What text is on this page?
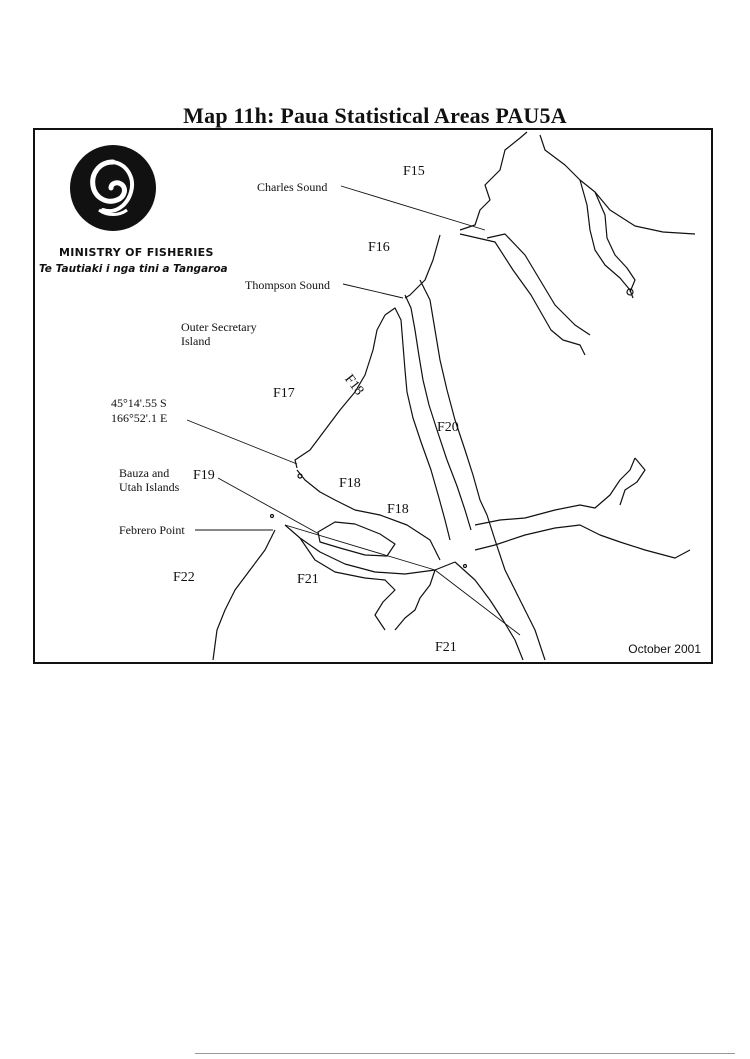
Map 11h: Paua Statistical Areas PAU5A
MINISTRY OF FISHERIES
Te Tautiaki i nga tini a Tangaroa
Charles Sound
Thompson Sound
Outer Secretary
Island
45°14'.55 S
166°52'.1 E
Bauza and
Utah Islands
Febrero Point
F15
F16
F17	F18
F18
F18
F19
F20
F21
F21
F22
October 2001
